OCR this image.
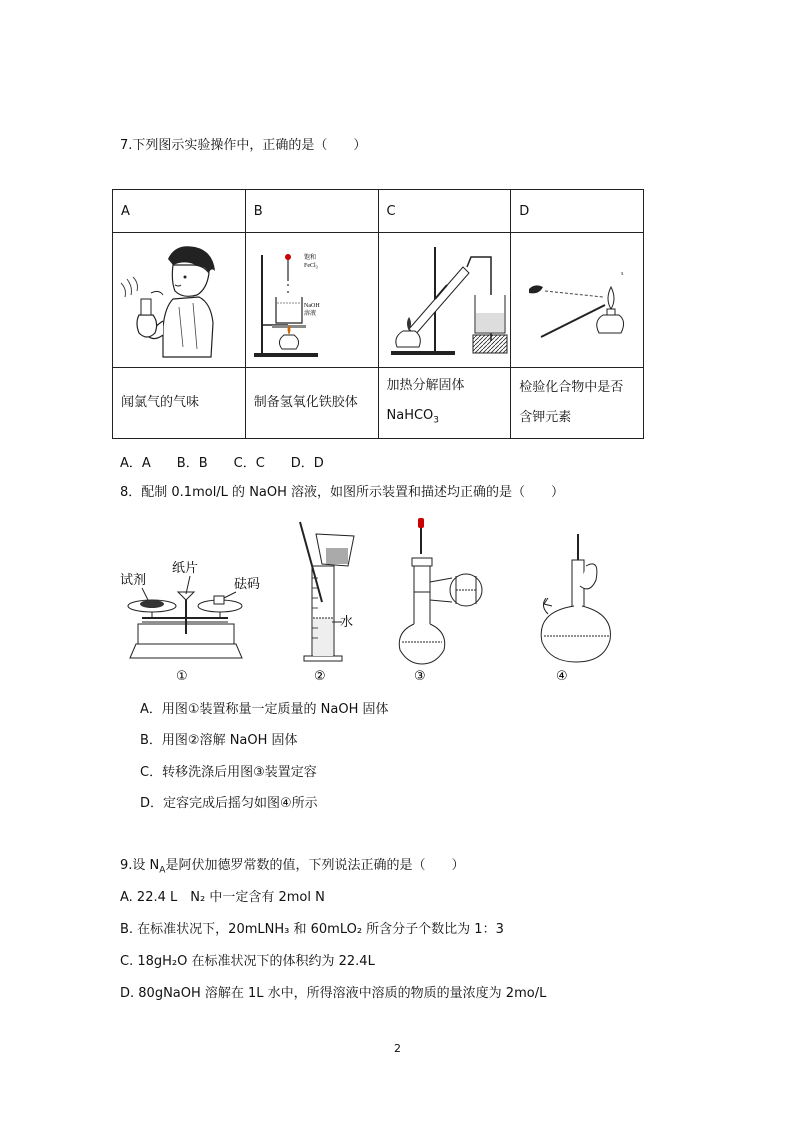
7.下列图示实验操作中，正确的是（　　）
A	B	C	D

饱和
FeCl$_3$
NaOH
溶液		⁵

闻氯气的气味	制备氢氧化铁胶体	加热分解固体 NaHCO$_3$	检验化合物中是否含钾元素
A．A　　B．B　　C．C　　D．D
8．配制 0.1mol/L 的 NaOH 溶液，如图所示装置和描述均正确的是（　　）
试剂
纸片
砝码
①
水
②	③	④
A．用图①装置称量一定质量的 NaOH 固体
B．用图②溶解 NaOH 固体
C．转移洗涤后用图③装置定容
D．定容完成后摇匀如图④所示
9.设 $N_A$是阿伏加德罗常数的值，下列说法正确的是（　　）
A. 22.4 L　N₂ 中一定含有 2mol N
B. 在标准状况下，20mLNH₃ 和 60mLO₂ 所含分子个数比为 1：3
C. 18gH₂O 在标准状况下的体积约为 22.4L
D. 80gNaOH 溶解在 1L 水中，所得溶液中溶质的物质的量浓度为 2mo/L
2
